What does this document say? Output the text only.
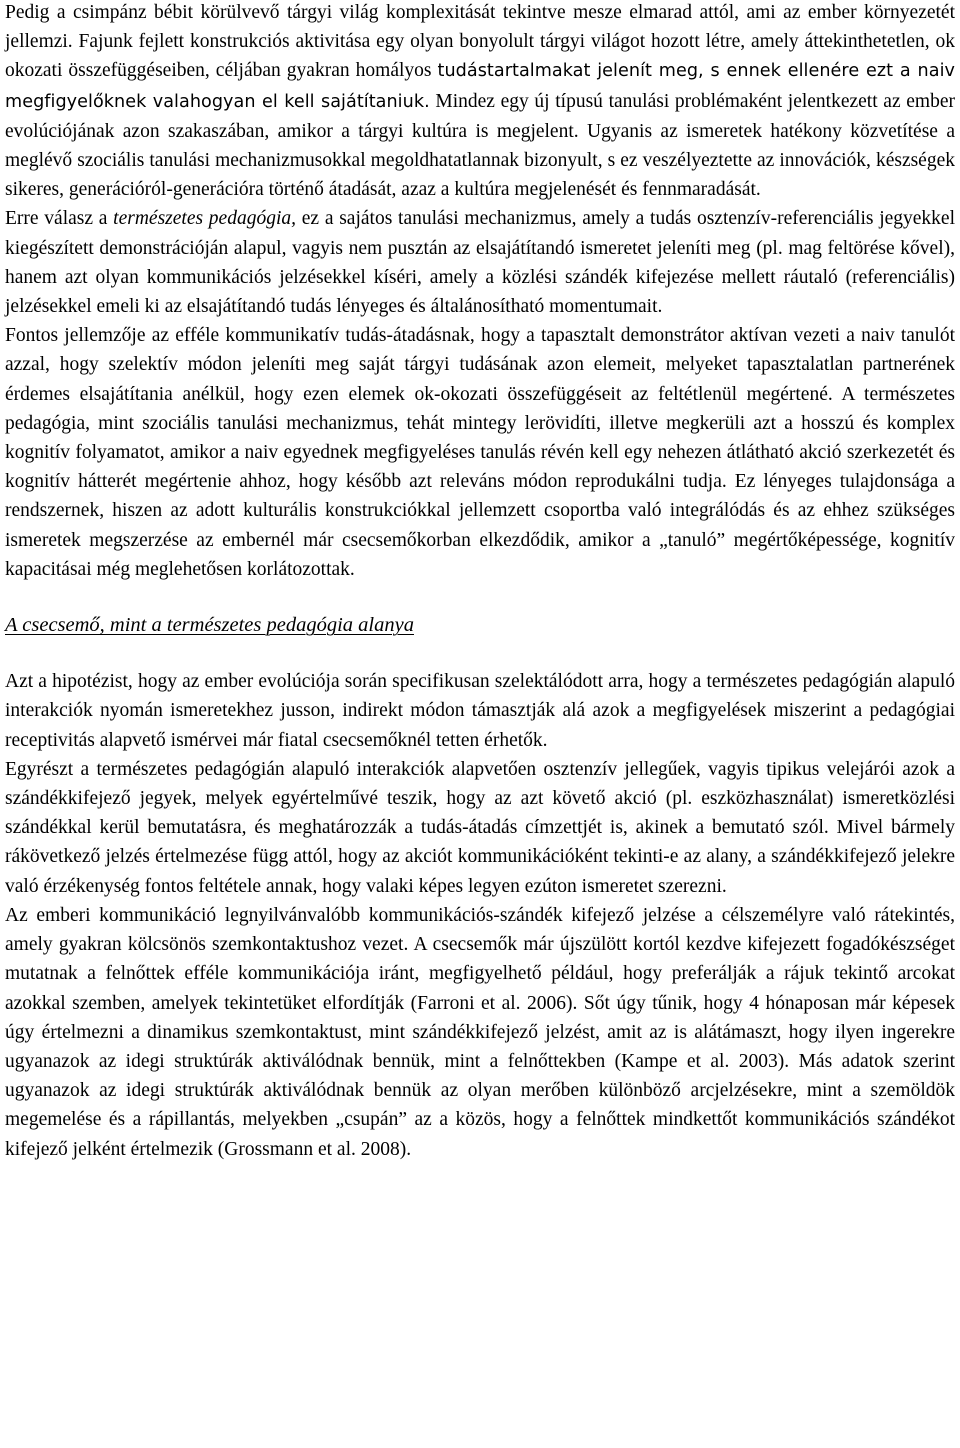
Pedig a csimpánz bébit körülvevő tárgyi világ komplexitását tekintve mesze elmarad attól, ami az ember környezetét jellemzi. Fajunk fejlett konstrukciós aktivitása egy olyan bonyolult tárgyi világot hozott létre, amely áttekinthetetlen, ok okozati összefüggéseiben, céljában gyakran homályos tudástartalmakat jelenít meg, s ennek ellenére ezt a naiv megfigyelőknek valahogyan el kell sajátítaniuk. Mindez egy új típusú tanulási problémaként jelentkezett az ember evolúciójának azon szakaszában, amikor a tárgyi kultúra is megjelent. Ugyanis az ismeretek hatékony közvetítése a meglévő szociális tanulási mechanizmusokkal megoldhatatlannak bizonyult, s ez veszélyeztette az innovációk, készségek sikeres, generációról-generációra történő átadását, azaz a kultúra megjelenését és fennmaradását.

Erre válasz a természetes pedagógia, ez a sajátos tanulási mechanizmus, amely a tudás osztenzív-referenciális jegyekkel kiegészített demonstrációján alapul, vagyis nem pusztán az elsajátítandó ismeretet jeleníti meg (pl. mag feltörése kővel), hanem azt olyan kommunikációs jelzésekkel kíséri, amely a közlési szándék kifejezése mellett ráutaló (referenciális) jelzésekkel emeli ki az elsajátítandó tudás lényeges és általánosítható momentumait.

Fontos jellemzője az efféle kommunikatív tudás-átadásnak, hogy a tapasztalt demonstrátor aktívan vezeti a naiv tanulót azzal, hogy szelektív módon jeleníti meg saját tárgyi tudásának azon elemeit, melyeket tapasztalatlan partnerének érdemes elsajátítania anélkül, hogy ezen elemek ok-okozati összefüggéseit az feltétlenül megértené. A természetes pedagógia, mint szociális tanulási mechanizmus, tehát mintegy lerövidíti, illetve megkerüli azt a hosszú és komplex kognitív folyamatot, amikor a naiv egyednek megfigyeléses tanulás révén kell egy nehezen átlátható akció szerkezetét és kognitív hátterét megértenie ahhoz, hogy később azt releváns módon reprodukálni tudja. Ez lényeges tulajdonsága a rendszernek, hiszen az adott kulturális konstrukciókkal jellemzett csoportba való integrálódás és az ehhez szükséges ismeretek megszerzése az embernél már csecsemőkorban elkezdődik, amikor a „tanuló” megértőképessége, kognitív kapacitásai még meglehetősen korlátozottak.

A csecsemő, mint a természetes pedagógia alanya

Azt a hipotézist, hogy az ember evolúciója során specifikusan szelektálódott arra, hogy a természetes pedagógián alapuló interakciók nyomán ismeretekhez jusson, indirekt módon támasztják alá azok a megfigyelések miszerint a pedagógiai receptivitás alapvető ismérvei már fiatal csecsemőknél tetten érhetők.

Egyrészt a természetes pedagógián alapuló interakciók alapvetően osztenzív jellegűek, vagyis tipikus velejárói azok a szándékkifejező jegyek, melyek egyértelművé teszik, hogy az azt követő akció (pl. eszközhasználat) ismeretközlési szándékkal kerül bemutatásra, és meghatározzák a tudás-átadás címzettjét is, akinek a bemutató szól. Mivel bármely rákövetkező jelzés értelmezése függ attól, hogy az akciót kommunikációként tekinti-e az alany, a szándékkifejező jelekre való érzékenység fontos feltétele annak, hogy valaki képes legyen ezúton ismeretet szerezni.

Az emberi kommunikáció legnyilvánvalóbb kommunikációs-szándék kifejező jelzése a célszemélyre való rátekintés, amely gyakran kölcsönös szemkontaktushoz vezet. A csecsemők már újszülött kortól kezdve kifejezett fogadókészséget mutatnak a felnőttek efféle kommunikációja iránt, megfigyelhető például, hogy preferálják a rájuk tekintő arcokat azokkal szemben, amelyek tekintetüket elfordítják (Farroni et al. 2006). Sőt úgy tűnik, hogy 4 hónaposan már képesek úgy értelmezni a dinamikus szemkontaktust, mint szándékkifejező jelzést, amit az is alátámaszt, hogy ilyen ingerekre ugyanazok az idegi struktúrák aktiválódnak bennük, mint a felnőttekben (Kampe et al. 2003). Más adatok szerint ugyanazok az idegi struktúrák aktiválódnak bennük az olyan merőben különböző arcjelzésekre, mint a szemöldök megemelése és a rápillantás, melyekben „csupán” az a közös, hogy a felnőttek mindkettőt kommunikációs szándékot kifejező jelként értelmezik (Grossmann et al. 2008).
